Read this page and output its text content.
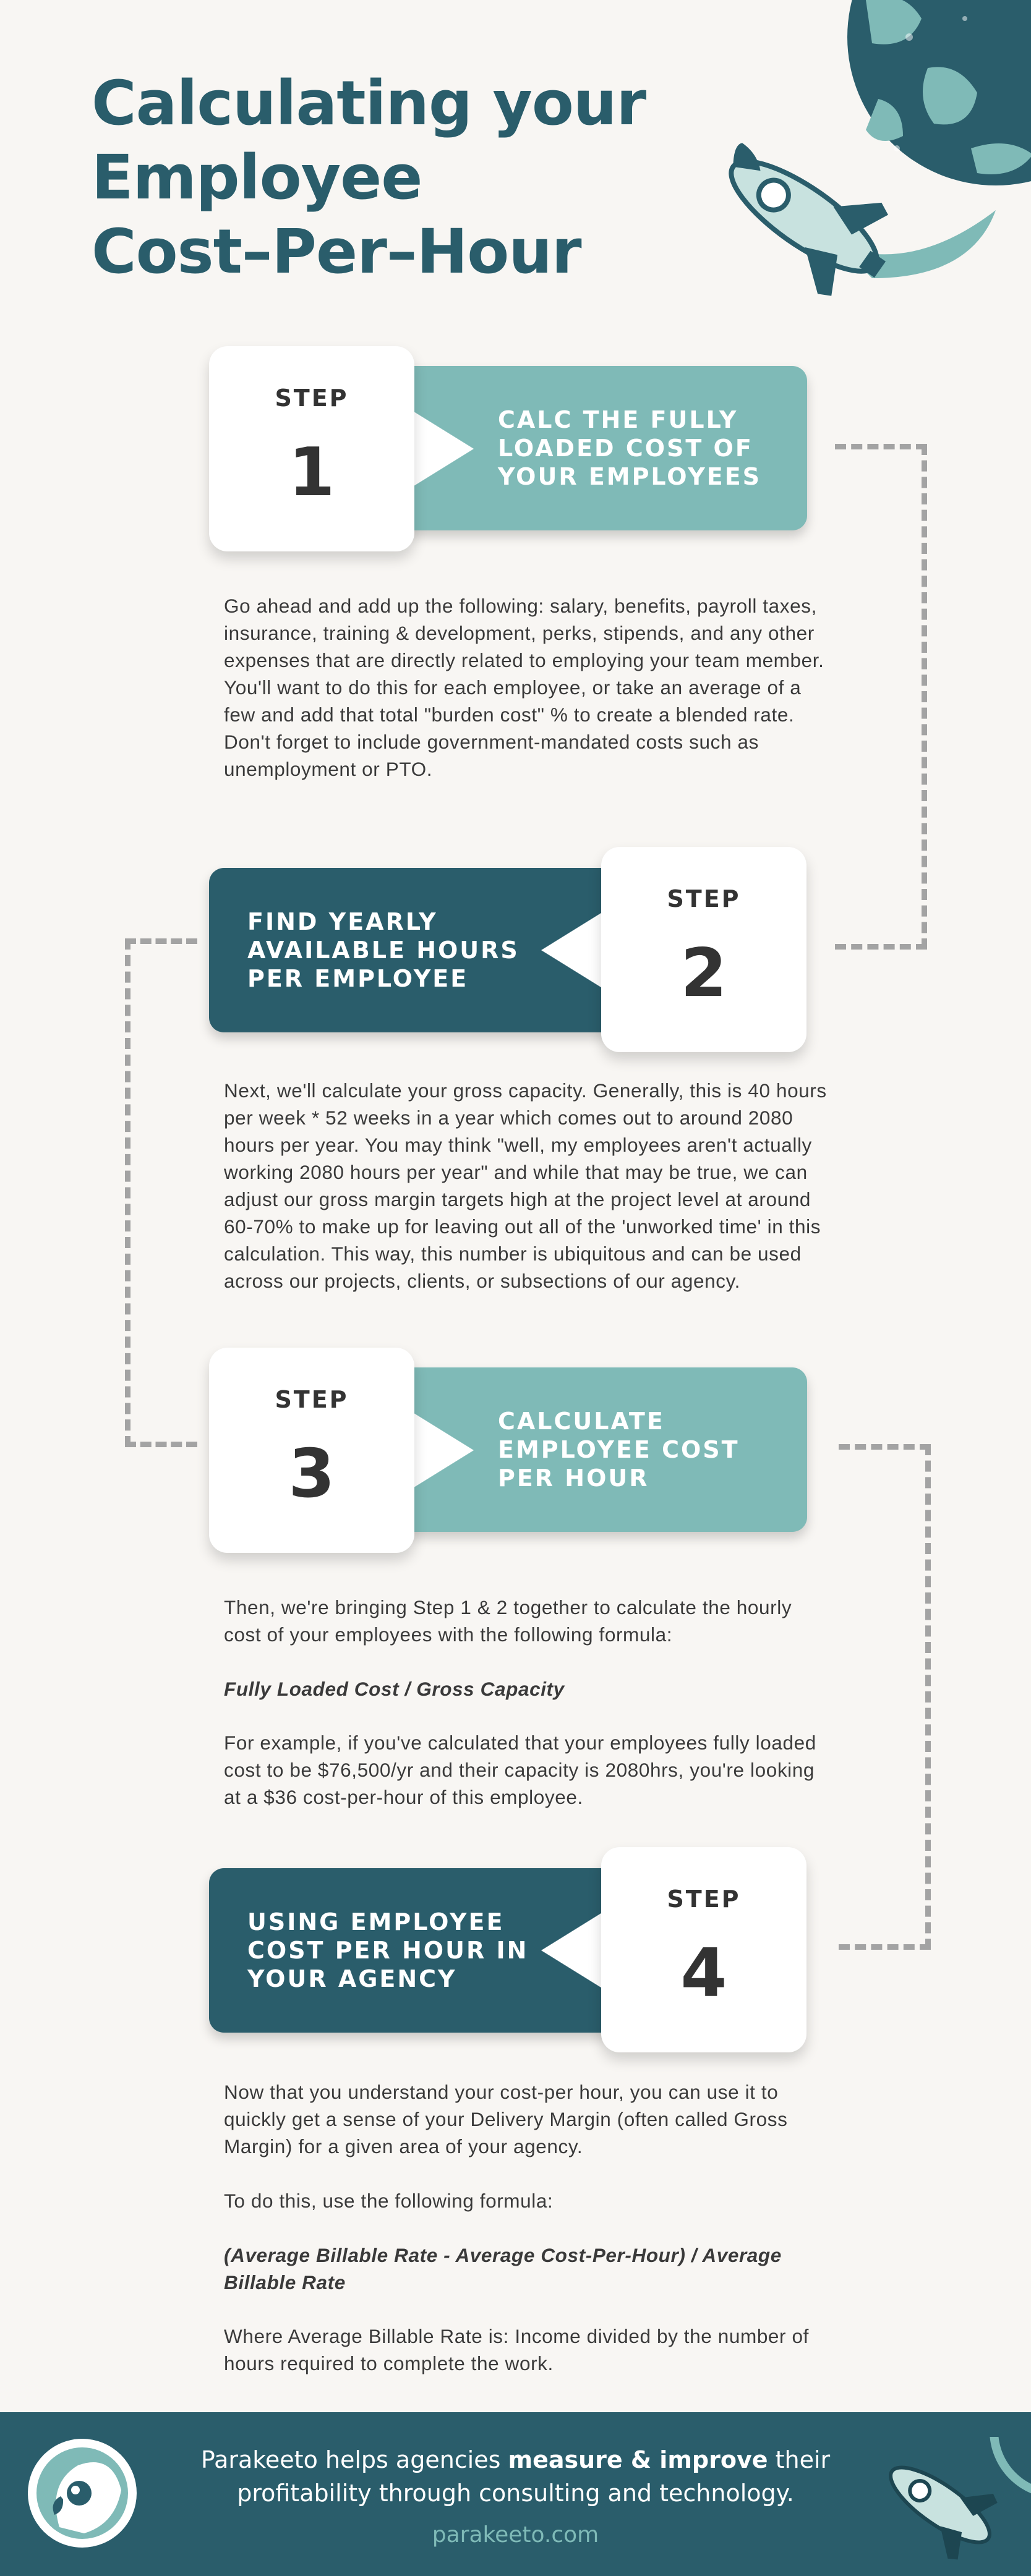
Calculating your
Employee
Cost–Per–Hour
CALC THE FULLY
LOADED COST OF
YOUR EMPLOYEES
STEP
1

Go ahead and add up the following: salary, benefits, payroll taxes, insurance, training & development, perks, stipends, and any other expenses that are directly related to employing your team member. You'll want to do this for each employee, or take an average of a few and add that total "burden cost" % to create a blended rate. Don't forget to include government-mandated costs such as unemployment or PTO.

FIND YEARLY
AVAILABLE HOURS
PER EMPLOYEE
STEP
2

Next, we'll calculate your gross capacity. Generally, this is 40 hours per week * 52 weeks in a year which comes out to around 2080 hours per year. You may think "well, my employees aren't actually working 2080 hours per year" and while that may be true, we can adjust our gross margin targets high at the project level at around 60-70% to make up for leaving out all of the 'unworked time' in this calculation. This way, this number is ubiquitous and can be used across our projects, clients, or subsections of our agency.

CALCULATE
EMPLOYEE COST
PER HOUR
STEP
3

Then, we're bringing Step 1 & 2 together to calculate the hourly cost of your employees with the following formula:

Fully Loaded Cost / Gross Capacity

For example, if you've calculated that your employees fully loaded cost to be $76,500/yr and their capacity is 2080hrs, you're looking at a $36 cost-per-hour of this employee.

USING EMPLOYEE
COST PER HOUR IN
YOUR AGENCY
STEP
4

Now that you understand your cost-per hour, you can use it to quickly get a sense of your Delivery Margin (often called Gross Margin) for a given area of your agency.

To do this, use the following formula:

(Average Billable Rate - Average Cost-Per-Hour) / Average Billable Rate

Where Average Billable Rate is: Income divided by the number of hours required to complete the work.

Parakeeto helps agencies measure & improve their
profitability through consulting and technology.
parakeeto.com
